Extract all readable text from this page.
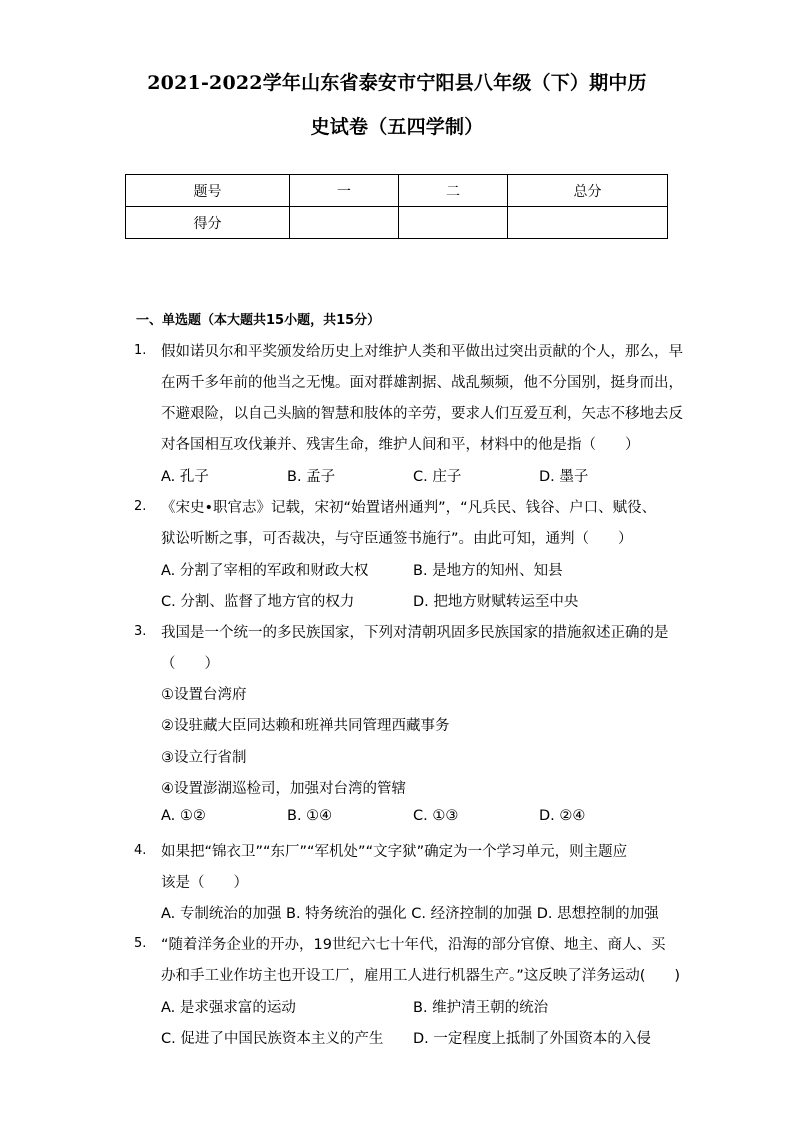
2021-2022学年山东省泰安市宁阳县八年级（下）期中历
史试卷（五四学制）
题号	一	二	总分
得分			
一、单选题（本大题共15小题，共15分）
1. 假如诺贝尔和平奖颁发给历史上对维护人类和平做出过突出贡献的个人，那么，早
在两千多年前的他当之无愧。面对群雄割据、战乱频频，他不分国别，挺身而出，
不避艰险，以自己头脑的智慧和肢体的辛劳，要求人们互爱互利，矢志不移地去反
对各国相互攻伐兼并、残害生命，维护人间和平，材料中的他是指（　　）
A. 孔子	B. 孟子	C. 庄子	D. 墨子
2. 《宋史•职官志》记载，宋初“始置诸州通判”，“凡兵民、钱谷、户口、赋役、
狱讼听断之事，可否裁决，与守臣通签书施行”。由此可知，通判（　　）
A. 分割了宰相的军政和财政大权	B. 是地方的知州、知县
C. 分割、监督了地方官的权力	D. 把地方财赋转运至中央
3. 我国是一个统一的多民族国家，下列对清朝巩固多民族国家的措施叙述正确的是
（　　）
①设置台湾府
②设驻藏大臣同达赖和班禅共同管理西藏事务
③设立行省制
④设置澎湖巡检司，加强对台湾的管辖
A. ①②	B. ①④	C. ①③	D. ②④
4. 如果把“锦衣卫”“东厂”“军机处”“文字狱”确定为一个学习单元，则主题应
该是（　　）
A. 专制统治的加强 B. 特务统治的强化 C. 经济控制的加强 D. 思想控制的加强
5. “随着洋务企业的开办，19世纪六七十年代，沿海的部分官僚、地主、商人、买
办和手工业作坊主也开设工厂，雇用工人进行机器生产。”这反映了洋务运动(　　)
A. 是求强求富的运动	B. 维护清王朝的统治
C. 促进了中国民族资本主义的产生 D. 一定程度上抵制了外国资本的入侵
